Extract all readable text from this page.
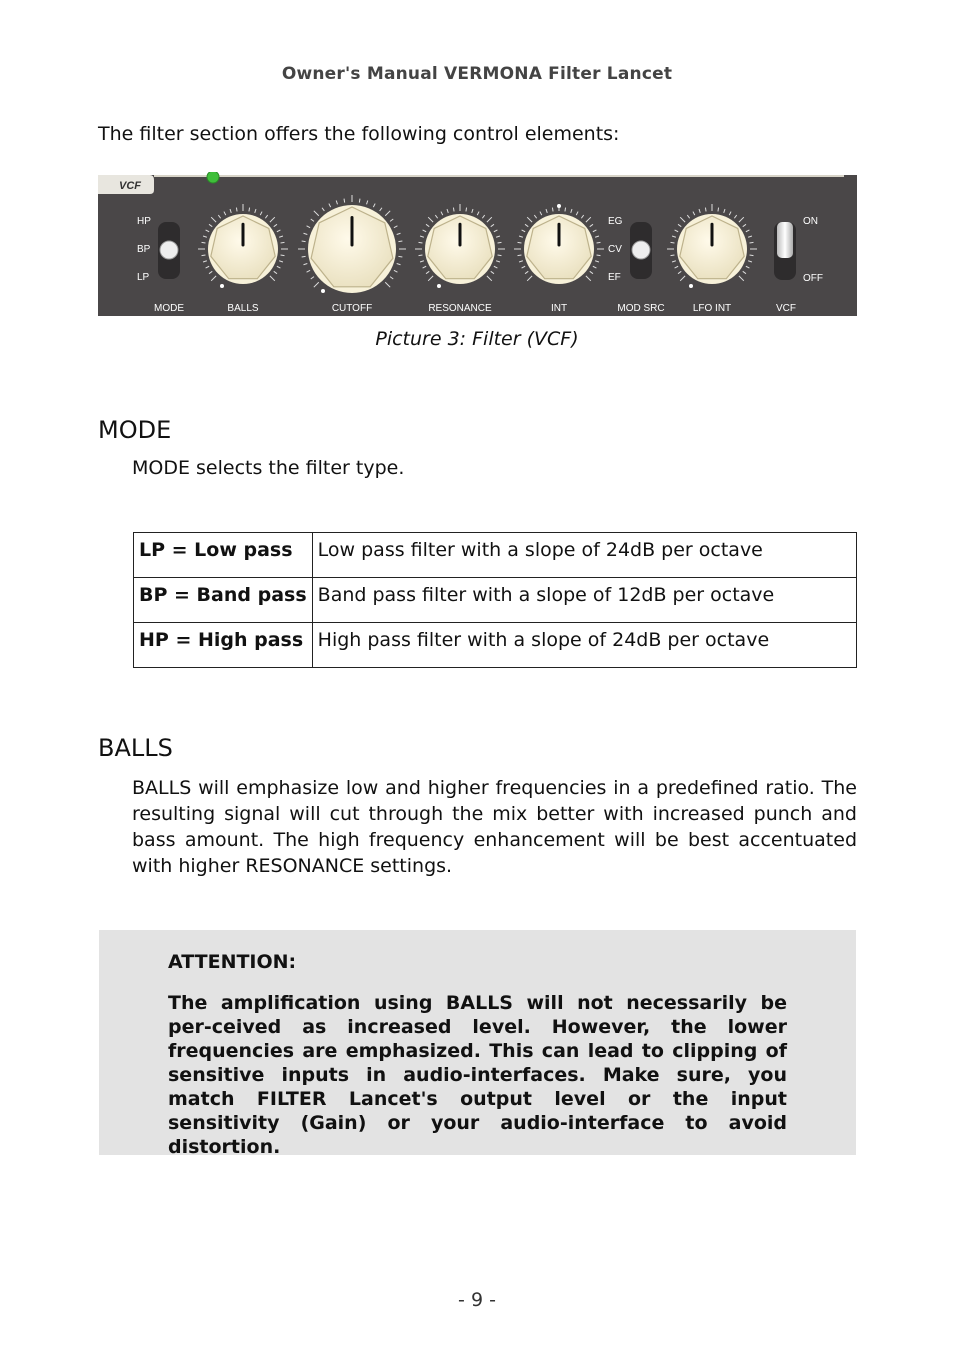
Owner's Manual VERMONA Filter Lancet
The filter section offers the following control elements:
VCF
HP
BP
LP
EG
CV
EF
ON
OFF
MODE	BALLS	CUTOFF	RESONANCE	INT	MOD SRC	LFO INT	VCF
Picture 3: Filter (VCF)
MODE

MODE selects the filter type.

LP = Low pass	Low pass filter with a slope of 24dB per octave
BP = Band pass	Band pass filter with a slope of 12dB per octave
HP = High pass	High pass filter with a slope of 24dB per octave
BALLS

BALLS will emphasize low and higher frequencies in a predefined ratio. The resulting signal will cut through the mix better with increased punch and bass amount. The high frequency enhancement will be best accentuated with higher RESONANCE settings.

ATTENTION:

The amplification using BALLS will not necessarily be per-ceived as increased level. However, the lower frequencies are emphasized. This can lead to clipping of sensitive inputs in audio-interfaces. Make sure, you match FILTER Lancet's output level or the input sensitivity (Gain) or your audio-interface to avoid distortion.

- 9 -
